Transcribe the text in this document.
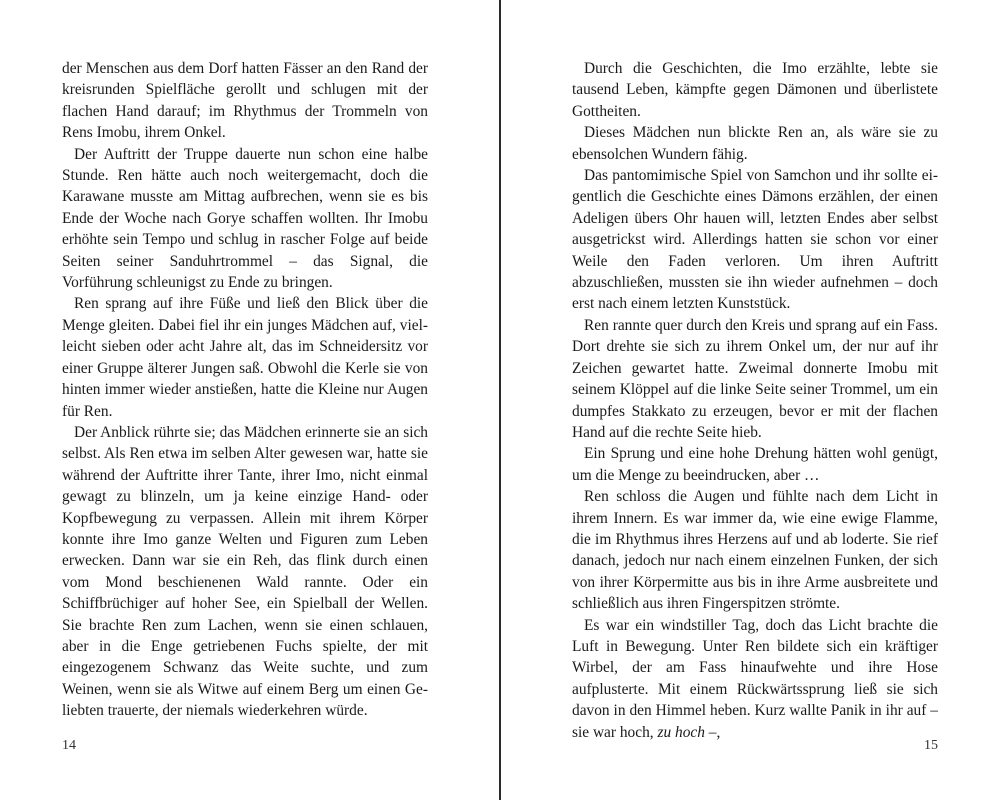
der Menschen aus dem Dorf hatten Fässer an den Rand der kreisrunden Spielfläche gerollt und schlugen mit der flachen Hand darauf; im Rhythmus der Trommeln von Rens Imobu, ihrem Onkel.

Der Auftritt der Truppe dauerte nun schon eine halbe Stunde. Ren hätte auch noch weitergemacht, doch die Karawane musste am Mittag aufbrechen, wenn sie es bis Ende der Woche nach Gorye schaffen wollten. Ihr Imobu erhöhte sein Tempo und schlug in rascher Folge auf beide Seiten seiner Sanduhrtrommel – das Signal, die Vorführung schleunigst zu Ende zu bringen.

Ren sprang auf ihre Füße und ließ den Blick über die Menge gleiten. Dabei fiel ihr ein junges Mädchen auf, vielleicht sieben oder acht Jahre alt, das im Schneidersitz vor einer Gruppe älterer Jungen saß. Obwohl die Kerle sie von hinten immer wieder anstießen, hatte die Kleine nur Augen für Ren.

Der Anblick rührte sie; das Mädchen erinnerte sie an sich selbst. Als Ren etwa im selben Alter gewesen war, hatte sie während der Auftritte ihrer Tante, ihrer Imo, nicht einmal gewagt zu blinzeln, um ja keine einzige Hand- oder Kopfbewegung zu verpassen. Allein mit ihrem Körper konnte ihre Imo ganze Welten und Figuren zum Leben erwecken. Dann war sie ein Reh, das flink durch einen vom Mond beschienenen Wald rannte. Oder ein Schiffbrüchiger auf hoher See, ein Spielball der Wellen. Sie brachte Ren zum Lachen, wenn sie einen schlauen, aber in die Enge getriebenen Fuchs spielte, der mit eingezogenem Schwanz das Weite suchte, und zum Weinen, wenn sie als Witwe auf einem Berg um einen Geliebten trauerte, der niemals wiederkehren würde.

14

Durch die Geschichten, die Imo erzählte, lebte sie tausend Leben, kämpfte gegen Dämonen und überlistete Gottheiten.

Dieses Mädchen nun blickte Ren an, als wäre sie zu ebensolchen Wundern fähig.

Das pantomimische Spiel von Samchon und ihr sollte eigentlich die Geschichte eines Dämons erzählen, der einen Adeligen übers Ohr hauen will, letzten Endes aber selbst ausgetrickst wird. Allerdings hatten sie schon vor einer Weile den Faden verloren. Um ihren Auftritt abzuschließen, mussten sie ihn wieder aufnehmen – doch erst nach einem letzten Kunststück.

Ren rannte quer durch den Kreis und sprang auf ein Fass. Dort drehte sie sich zu ihrem Onkel um, der nur auf ihr Zeichen gewartet hatte. Zweimal donnerte Imobu mit seinem Klöppel auf die linke Seite seiner Trommel, um ein dumpfes Stakkato zu erzeugen, bevor er mit der flachen Hand auf die rechte Seite hieb.

Ein Sprung und eine hohe Drehung hätten wohl genügt, um die Menge zu beeindrucken, aber …

Ren schloss die Augen und fühlte nach dem Licht in ihrem Innern. Es war immer da, wie eine ewige Flamme, die im Rhythmus ihres Herzens auf und ab loderte. Sie rief danach, jedoch nur nach einem einzelnen Funken, der sich von ihrer Körpermitte aus bis in ihre Arme ausbreitete und schließlich aus ihren Fingerspitzen strömte.

Es war ein windstiller Tag, doch das Licht brachte die Luft in Bewegung. Unter Ren bildete sich ein kräftiger Wirbel, der am Fass hinaufwehte und ihre Hose aufplusterte. Mit einem Rückwärtssprung ließ sie sich davon in den Himmel heben. Kurz wallte Panik in ihr auf – sie war hoch, zu hoch –,

15
